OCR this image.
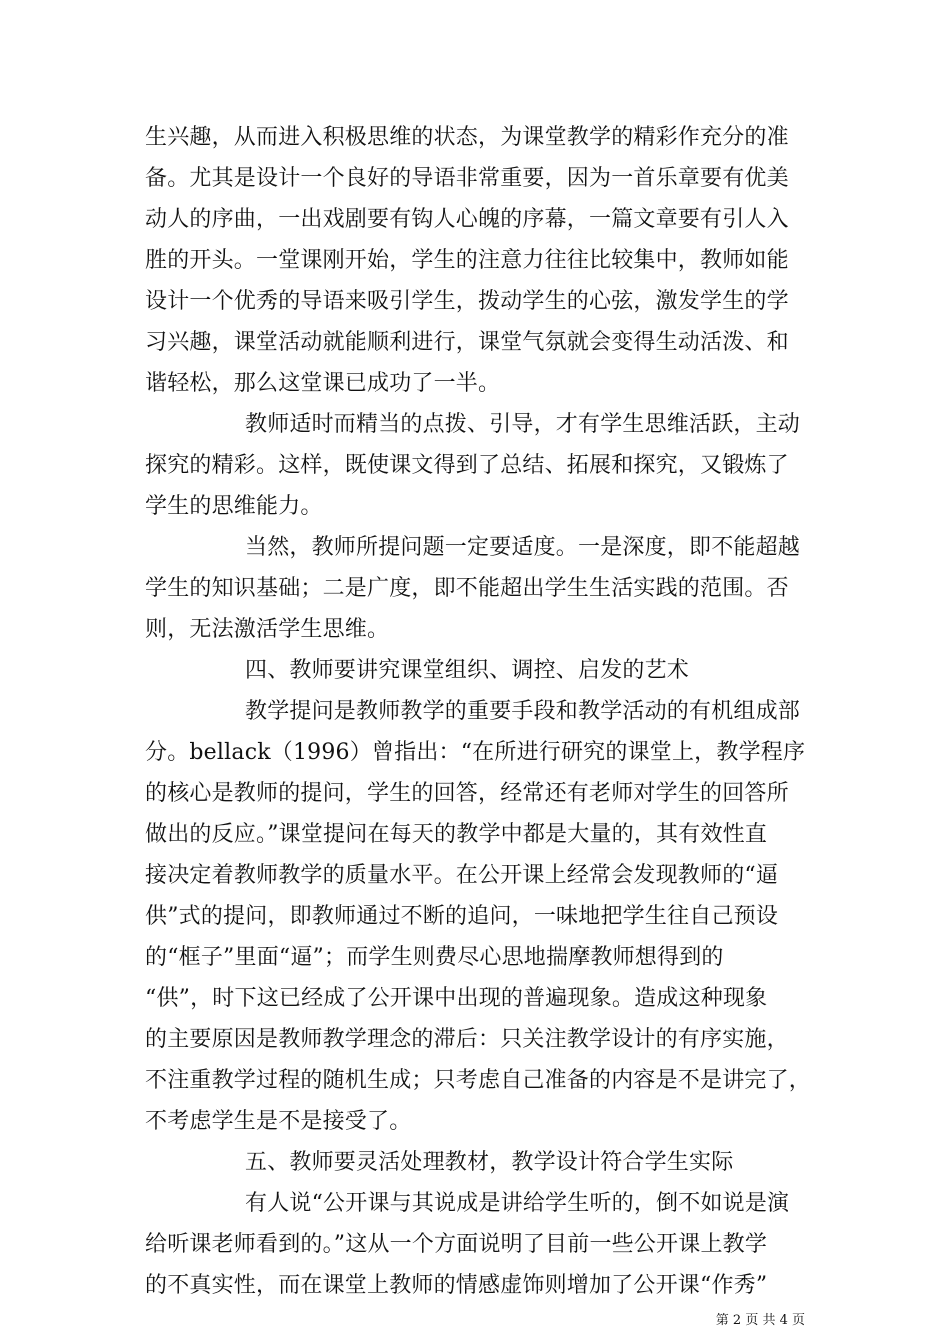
生兴趣，从而进入积极思维的状态，为课堂教学的精彩作充分的准
备。尤其是设计一个良好的导语非常重要，因为一首乐章要有优美
动人的序曲，一出戏剧要有钩人心魄的序幕，一篇文章要有引人入
胜的开头。一堂课刚开始，学生的注意力往往比较集中，教师如能
设计一个优秀的导语来吸引学生，拨动学生的心弦，激发学生的学
习兴趣，课堂活动就能顺利进行，课堂气氛就会变得生动活泼、和
谐轻松，那么这堂课已成功了一半。
教师适时而精当的点拨、引导，才有学生思维活跃，主动
探究的精彩。这样，既使课文得到了总结、拓展和探究，又锻炼了
学生的思维能力。
当然，教师所提问题一定要适度。一是深度，即不能超越
学生的知识基础；二是广度，即不能超出学生生活实践的范围。否
则，无法激活学生思维。
四、教师要讲究课堂组织、调控、启发的艺术
教学提问是教师教学的重要手段和教学活动的有机组成部
分。bellack（1996）曾指出：“在所进行研究的课堂上，教学程序
的核心是教师的提问，学生的回答，经常还有老师对学生的回答所
做出的反应。”课堂提问在每天的教学中都是大量的，其有效性直
接决定着教师教学的质量水平。在公开课上经常会发现教师的“逼
供”式的提问，即教师通过不断的追问，一味地把学生往自己预设
的“框子”里面“逼”；而学生则费尽心思地揣摩教师想得到的
“供”，时下这已经成了公开课中出现的普遍现象。造成这种现象
的主要原因是教师教学理念的滞后：只关注教学设计的有序实施，
不注重教学过程的随机生成；只考虑自己准备的内容是不是讲完了，
不考虑学生是不是接受了。
五、教师要灵活处理教材，教学设计符合学生实际
有人说“公开课与其说成是讲给学生听的，倒不如说是演
给听课老师看到的。”这从一个方面说明了目前一些公开课上教学
的不真实性，而在课堂上教师的情感虚饰则增加了公开课“作秀”
第 2 页 共 4 页
